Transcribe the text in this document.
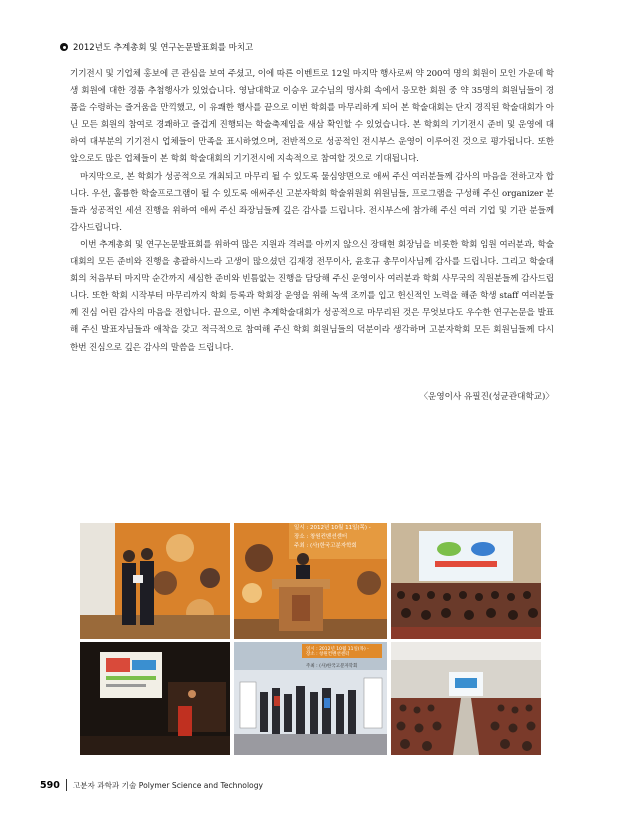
2012년도 추계총회 및 연구논문발표회를 마치고

기기전시 및 기업체 홍보에 큰 관심을 보여 주셨고, 이에 따른 이벤트로 12일 마지막 행사로써 약 200여 명의 회원이 모인 가운데 학생 회원에 대한 경품 추첨행사가 있었습니다. 영남대학교 이승우 교수님의 명사회 속에서 응모한 회원 중 약 35명의 회원님들이 경품을 수령하는 즐거움을 만끽했고, 이 유쾌한 행사를 끝으로 이번 학회를 마무리하게 되어 본 학술대회는 단지 경직된 학술대회가 아닌 모든 회원의 참여로 경쾌하고 즐겁게 진행되는 학술축제임을 새삼 확인할 수 있었습니다. 본 학회의 기기전시 준비 및 운영에 대하여 대부분의 기기전시 업체들이 만족을 표시하였으며, 전반적으로 성공적인 전시부스 운영이 이루어진 것으로 평가됩니다. 또한 앞으로도 많은 업체들이 본 학회 학술대회의 기기전시에 지속적으로 참여할 것으로 기대됩니다.

마지막으로, 본 학회가 성공적으로 개최되고 마무리 될 수 있도록 물심양면으로 애써 주신 여러분들께 감사의 마음을 전하고자 합니다. 우선, 훌륭한 학술프로그램이 될 수 있도록 애써주신 고분자학회 학술위원회 위원님들, 프로그램을 구성해 주신 organizer 분들과 성공적인 세션 진행을 위하여 애써 주신 좌장님들께 깊은 감사를 드립니다. 전시부스에 참가해 주신 여러 기업 및 기관 분들께 감사드립니다.

이번 추계총회 및 연구논문발표회를 위하여 많은 지원과 격려를 아끼지 않으신 장태현 회장님을 비롯한 학회 임원 여러분과, 학술대회의 모든 준비와 진행을 총괄하시느라 고생이 많으셨던 김재경 전무이사, 윤호규 총무이사님께 감사를 드립니다. 그리고 학술대회의 처음부터 마지막 순간까지 세심한 준비와 빈틈없는 진행을 담당해 주신 운영이사 여러분과 학회 사무국의 직원분들께 감사드립니다. 또한 학회 시작부터 마무리까지 학회 등록과 학회장 운영을 위해 녹색 조끼를 입고 헌신적인 노력을 해준 학생 staff 여러분들께 진심 어린 감사의 마음을 전합니다. 끝으로, 이번 추계학술대회가 성공적으로 마무리된 것은 무엇보다도 우수한 연구논문을 발표해 주신 발표자님들과 애착을 갖고 적극적으로 참여해 주신 학회 회원님들의 덕분이라 생각하며 고분자학회 모든 회원님들께 다시 한번 진심으로 깊은 감사의 말씀을 드립니다.

〈운영이사 유필진(성균관대학교)〉
일시 : 2012년 10월 11일(목) -
장소 : 창원컨벤션센터
주최 : (사)한국고분자학회
일시 : 2012년 10월 11일(목) -
장소 : 창원컨벤션센터
주최 : (사)한국고분자학회
590 고분자 과학과 기술 Polymer Science and Technology
